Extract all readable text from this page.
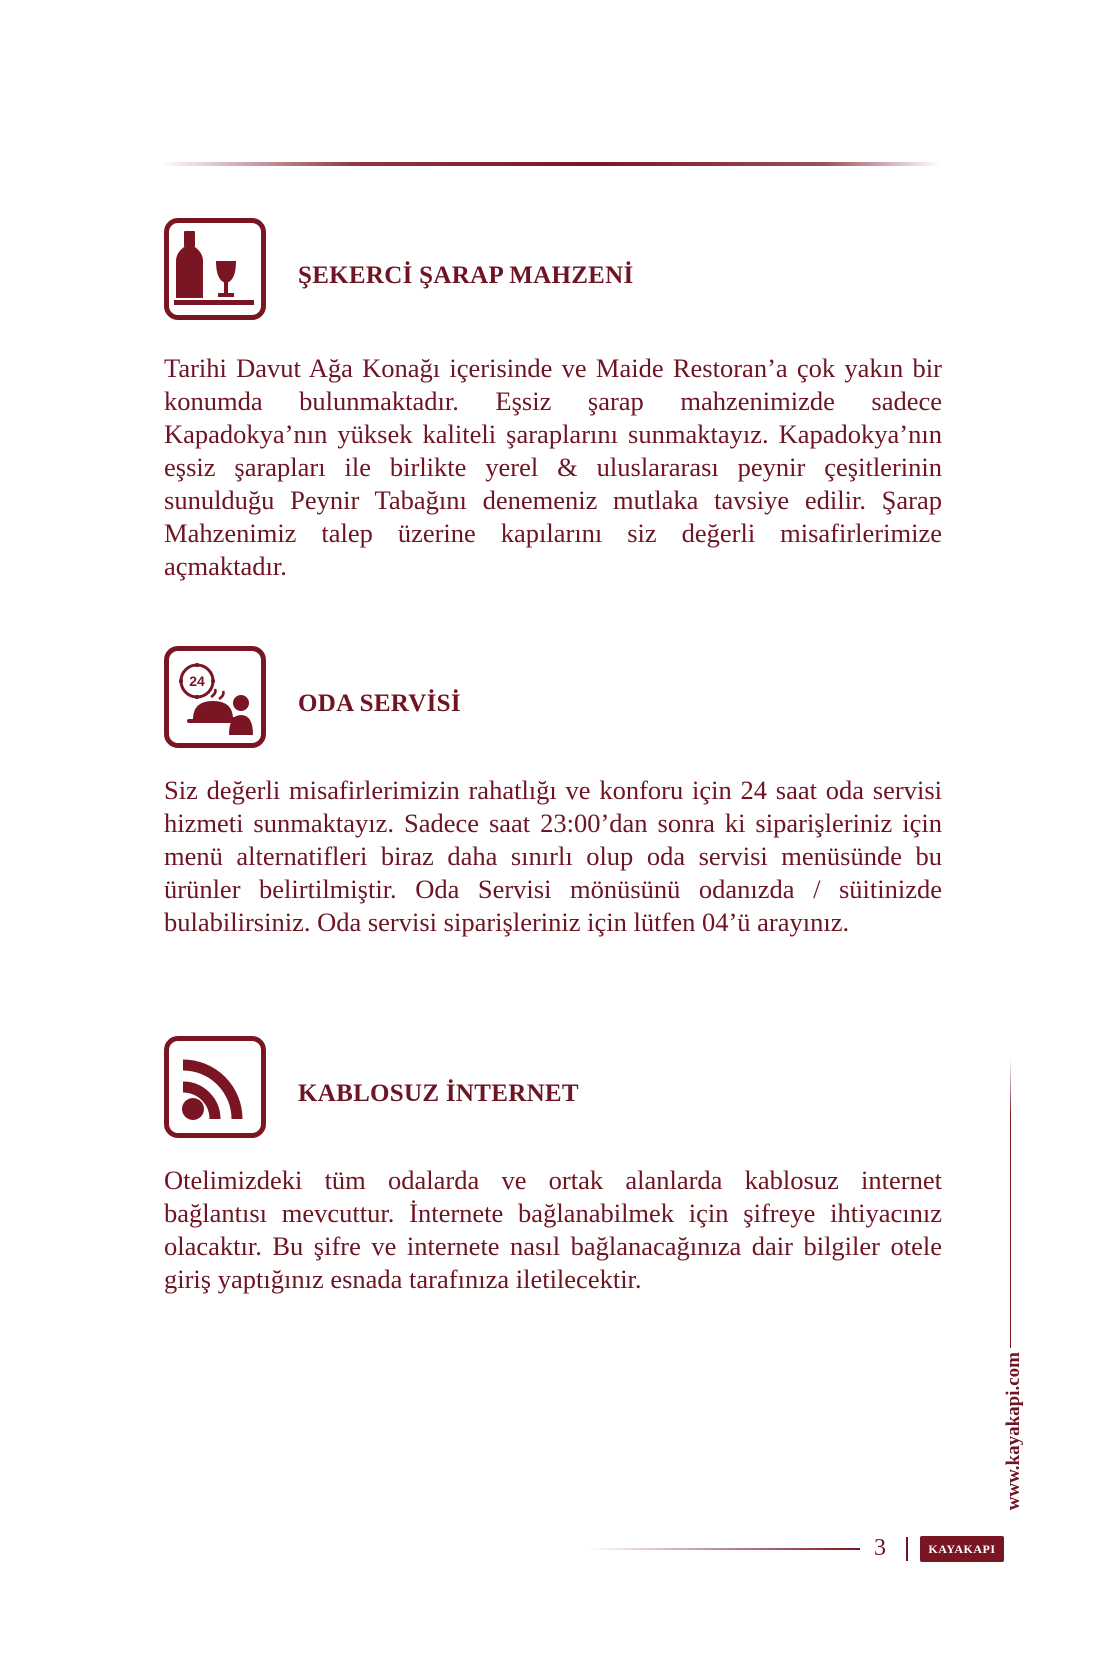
ŞEKERCİ ŞARAP MAHZENİ

Tarihi Davut Ağa Konağı içerisinde ve Maide Restoran’a çok yakın bir konumda bulunmaktadır. Eşsiz şarap mahzenimizde sadece Kapadokya’nın yüksek kaliteli şaraplarını sunmaktayız. Kapadokya’nın eşsiz şarapları ile birlikte yerel & uluslararası peynir çeşitlerinin sunulduğu Peynir Tabağını denemeniz mutlaka tavsiye edilir. Şarap Mahzenimiz talep üzerine kapılarını siz değerli misafirlerimize açmaktadır.

24
ODA SERVİSİ

Siz değerli misafirlerimizin rahatlığı ve konforu için 24 saat oda servisi hizmeti sunmaktayız. Sadece saat 23:00’dan sonra ki siparişleriniz için menü alternatifleri biraz daha sınırlı olup oda servisi menüsünde bu ürünler belirtilmiştir. Oda Servisi mönüsünü odanızda / süitinizde bulabilirsiniz. Oda servisi siparişleriniz için lütfen 04’ü arayınız.

KABLOSUZ İNTERNET

Otelimizdeki tüm odalarda ve ortak alanlarda kablosuz internet bağlantısı mevcuttur. İnternete bağlanabilmek için şifreye ihtiyacınız olacaktır. Bu şifre ve internete nasıl bağlanacağınıza dair bilgiler otele giriş yaptığınız esnada tarafınıza iletilecektir.

www.kayakapi.com
3	KAYAKAPI
